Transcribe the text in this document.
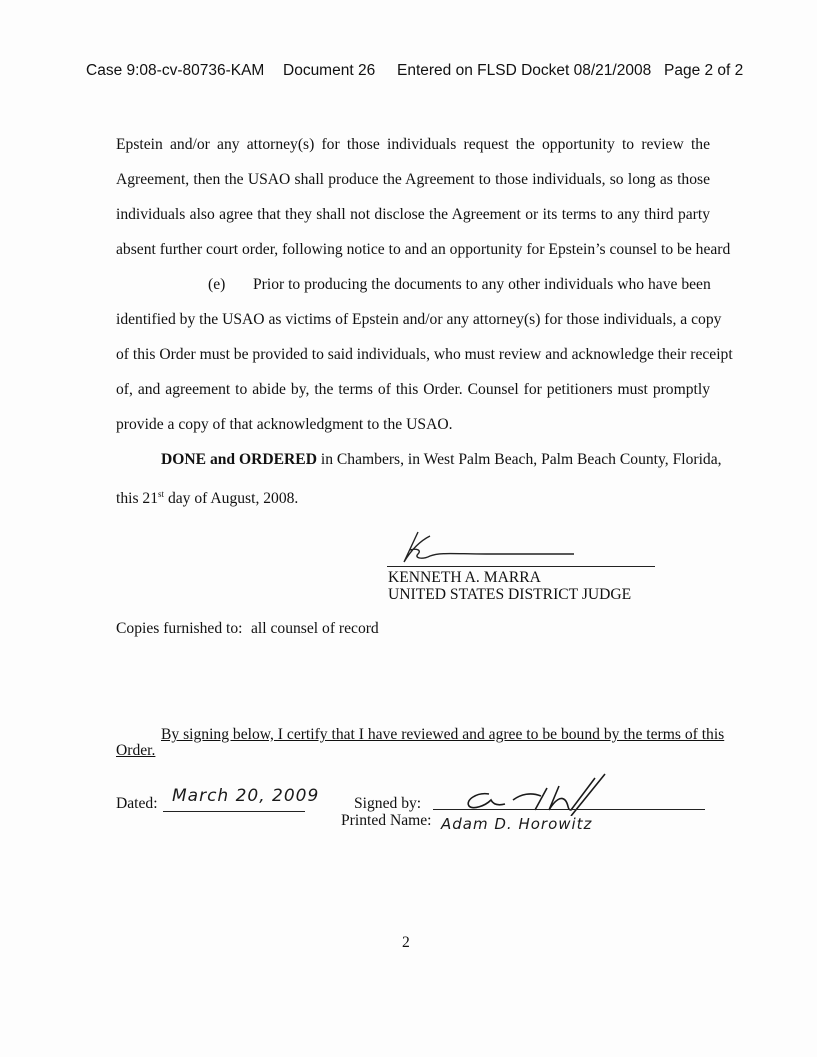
Case 9:08-cv-80736-KAM Document 26 Entered on FLSD Docket 08/21/2008 Page 2 of 2
Epstein and/or any attorney(s) for those individuals request the opportunity to review the
Agreement, then the USAO shall produce the Agreement to those individuals, so long as those
individuals also agree that they shall not disclose the Agreement or its terms to any third party
absent further court order, following notice to and an opportunity for Epstein’s counsel to be heard
(e) Prior to producing the documents to any other individuals who have been
identified by the USAO as victims of Epstein and/or any attorney(s) for those individuals, a copy
of this Order must be provided to said individuals, who must review and acknowledge their receipt
of, and agreement to abide by, the terms of this Order. Counsel for petitioners must promptly
provide a copy of that acknowledgment to the USAO.
DONE and ORDERED in Chambers, in West Palm Beach, Palm Beach County, Florida,
this 21st day of August, 2008.
KENNETH A. MARRA
UNITED STATES DISTRICT JUDGE
Copies furnished to: all counsel of record
By signing below, I certify that I have reviewed and agree to be bound by the terms of this
Order.
Dated: March 20, 2009 Signed by:
Printed Name: Adam D. Horowitz
2
